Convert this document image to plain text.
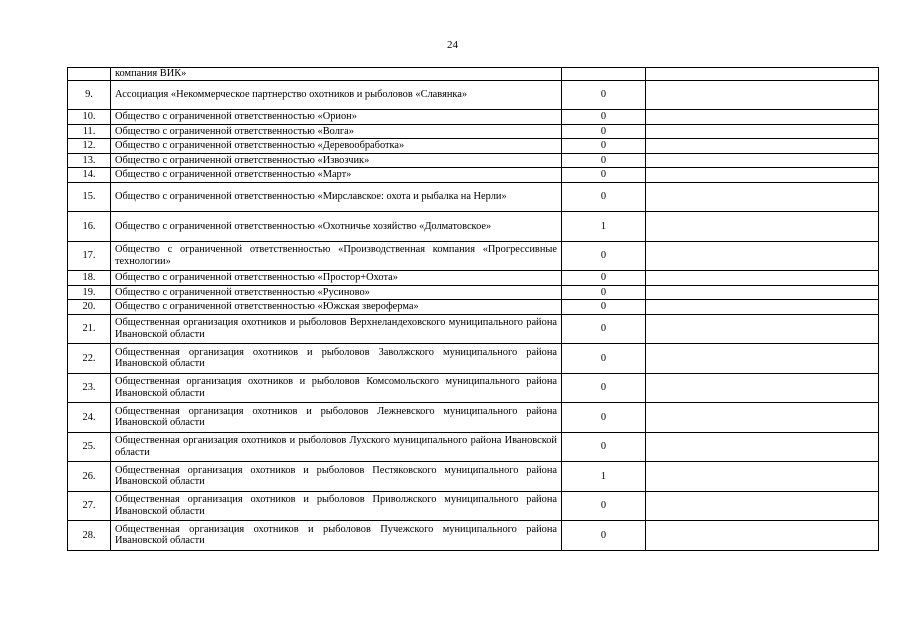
24
	компания ВИК»		
9.	Ассоциация «Некоммерческое партнерство охотников и рыболовов «Славянка»	0	
10.	Общество с ограниченной ответственностью «Орион»	0	
11.	Общество с ограниченной ответственностью «Волга»	0	
12.	Общество с ограниченной ответственностью «Деревообработка»	0	
13.	Общество с ограниченной ответственностью «Извозчик»	0	
14.	Общество с ограниченной ответственностью «Март»	0	
15.	Общество с ограниченной ответственностью «Мирславское: охота и рыбалка на Нерли»	0	
16.	Общество с ограниченной ответственностью «Охотничье хозяйство «Долматовское»	1	
17.	Общество с ограниченной ответственностью «Производственная компания «Прогрессивные технологии»	0	
18.	Общество с ограниченной ответственностью «Простор+Охота»	0	
19.	Общество с ограниченной ответственностью «Русиново»	0	
20.	Общество с ограниченной ответственностью «Южская звероферма»	0	
21.	Общественная организация охотников и рыболовов Верхнеландеховского муниципального района Ивановской области	0	
22.	Общественная организация охотников и рыболовов Заволжского муниципального района Ивановской области	0	
23.	Общественная организация охотников и рыболовов Комсомольского муниципального района Ивановской области	0	
24.	Общественная организация охотников и рыболовов Лежневского муниципального района Ивановской области	0	
25.	Общественная организация охотников и рыболовов Лухского муниципального района Ивановской области	0	
26.	Общественная организация охотников и рыболовов Пестяковского муниципального района Ивановской области	1	
27.	Общественная организация охотников и рыболовов Приволжского муниципального района Ивановской области	0	
28.	Общественная организация охотников и рыболовов Пучежского муниципального района Ивановской области	0	
